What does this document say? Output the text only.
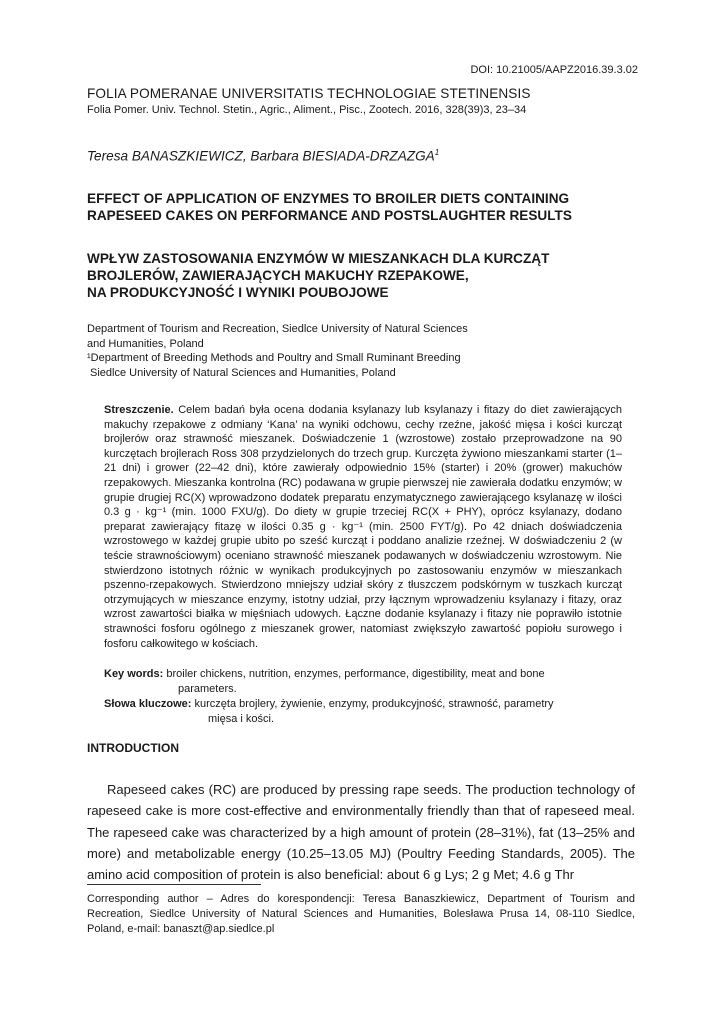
DOI: 10.21005/AAPZ2016.39.3.02
FOLIA POMERANAE UNIVERSITATIS TECHNOLOGIAE STETINENSIS
Folia Pomer. Univ. Technol. Stetin., Agric., Aliment., Pisc., Zootech. 2016, 328(39)3, 23–34
Teresa BANASZKIEWICZ, Barbara BIESIADA-DRZAZGA$^1$
EFFECT OF APPLICATION OF ENZYMES TO BROILER DIETS CONTAINING
RAPESEED CAKES ON PERFORMANCE AND POSTSLAUGHTER RESULTS
WPŁYW ZASTOSOWANIA ENZYMÓW W MIESZANKACH DLA KURCZĄT
BROJLERÓW, ZAWIERAJĄCYCH MAKUCHY RZEPAKOWE,
NA PRODUKCYJNOŚĆ I WYNIKI POUBOJOWE
Department of Tourism and Recreation, Siedlce University of Natural Sciences
and Humanities, Poland
¹Department of Breeding Methods and Poultry and Small Ruminant Breeding
Siedlce University of Natural Sciences and Humanities, Poland
Streszczenie. Celem badań była ocena dodania ksylanazy lub ksylanazy i fitazy do diet zawierających makuchy rzepakowe z odmiany ‘Kana’ na wyniki odchowu, cechy rzeźne, jakość mięsa i kości kurcząt brojlerów oraz strawność mieszanek. Doświadczenie 1 (wzrostowe) zostało przeprowadzone na 90 kurczętach brojlerach Ross 308 przydzielonych do trzech grup. Kurczęta żywiono mieszankami starter (1–21 dni) i grower (22–42 dni), które zawierały odpowiednio 15% (starter) i 20% (grower) makuchów rzepakowych. Mieszanka kontrolna (RC) podawana w grupie pierwszej nie zawierała dodatku enzymów; w grupie drugiej RC(X) wprowadzono dodatek preparatu enzymatycznego zawierającego ksylanazę w ilości 0.3 g · kg⁻¹ (min. 1000 FXU/g). Do diety w grupie trzeciej RC(X + PHY), oprócz ksylanazy, dodano preparat zawierający fitazę w ilości 0.35 g · kg⁻¹ (min. 2500 FYT/g). Po 42 dniach doświadczenia wzrostowego w każdej grupie ubito po sześć kurcząt i poddano analizie rzeźnej. W doświadczeniu 2 (w teście strawnościowym) oceniano strawność mieszanek podawanych w doświadczeniu wzrostowym. Nie stwierdzono istotnych różnic w wynikach produkcyjnych po zastosowaniu enzymów w mieszankach pszenno-rzepakowych. Stwierdzono mniejszy udział skóry z tłuszczem podskórnym w tuszkach kurcząt otrzymujących w mieszance enzymy, istotny udział, przy łącznym wprowadzeniu ksylanazy i fitazy, oraz wzrost zawartości białka w mięśniach udowych. Łączne dodanie ksylanazy i fitazy nie poprawiło istotnie strawności fosforu ogólnego z mieszanek grower, natomiast zwiększyło zawartość popiołu surowego i fosforu całkowitego w kościach.
Key words: broiler chickens, nutrition, enzymes, performance, digestibility, meat and bone
parameters.
Słowa kluczowe: kurczęta brojlery, żywienie, enzymy, produkcyjność, strawność, parametry
mięsa i kości.
INTRODUCTION
Rapeseed cakes (RC) are produced by pressing rape seeds. The production technology of rapeseed cake is more cost-effective and environmentally friendly than that of rapeseed meal. The rapeseed cake was characterized by a high amount of protein (28–31%), fat (13–25% and more) and metabolizable energy (10.25–13.05 MJ) (Poultry Feeding Standards, 2005). The amino acid composition of protein is also beneficial: about 6 g Lys; 2 g Met; 4.6 g Thr
Corresponding author – Adres do korespondencji: Teresa Banaszkiewicz, Department of Tourism and Recreation, Siedlce University of Natural Sciences and Humanities, Bolesława Prusa 14, 08-110 Siedlce, Poland, e-mail: banaszt@ap.siedlce.pl
